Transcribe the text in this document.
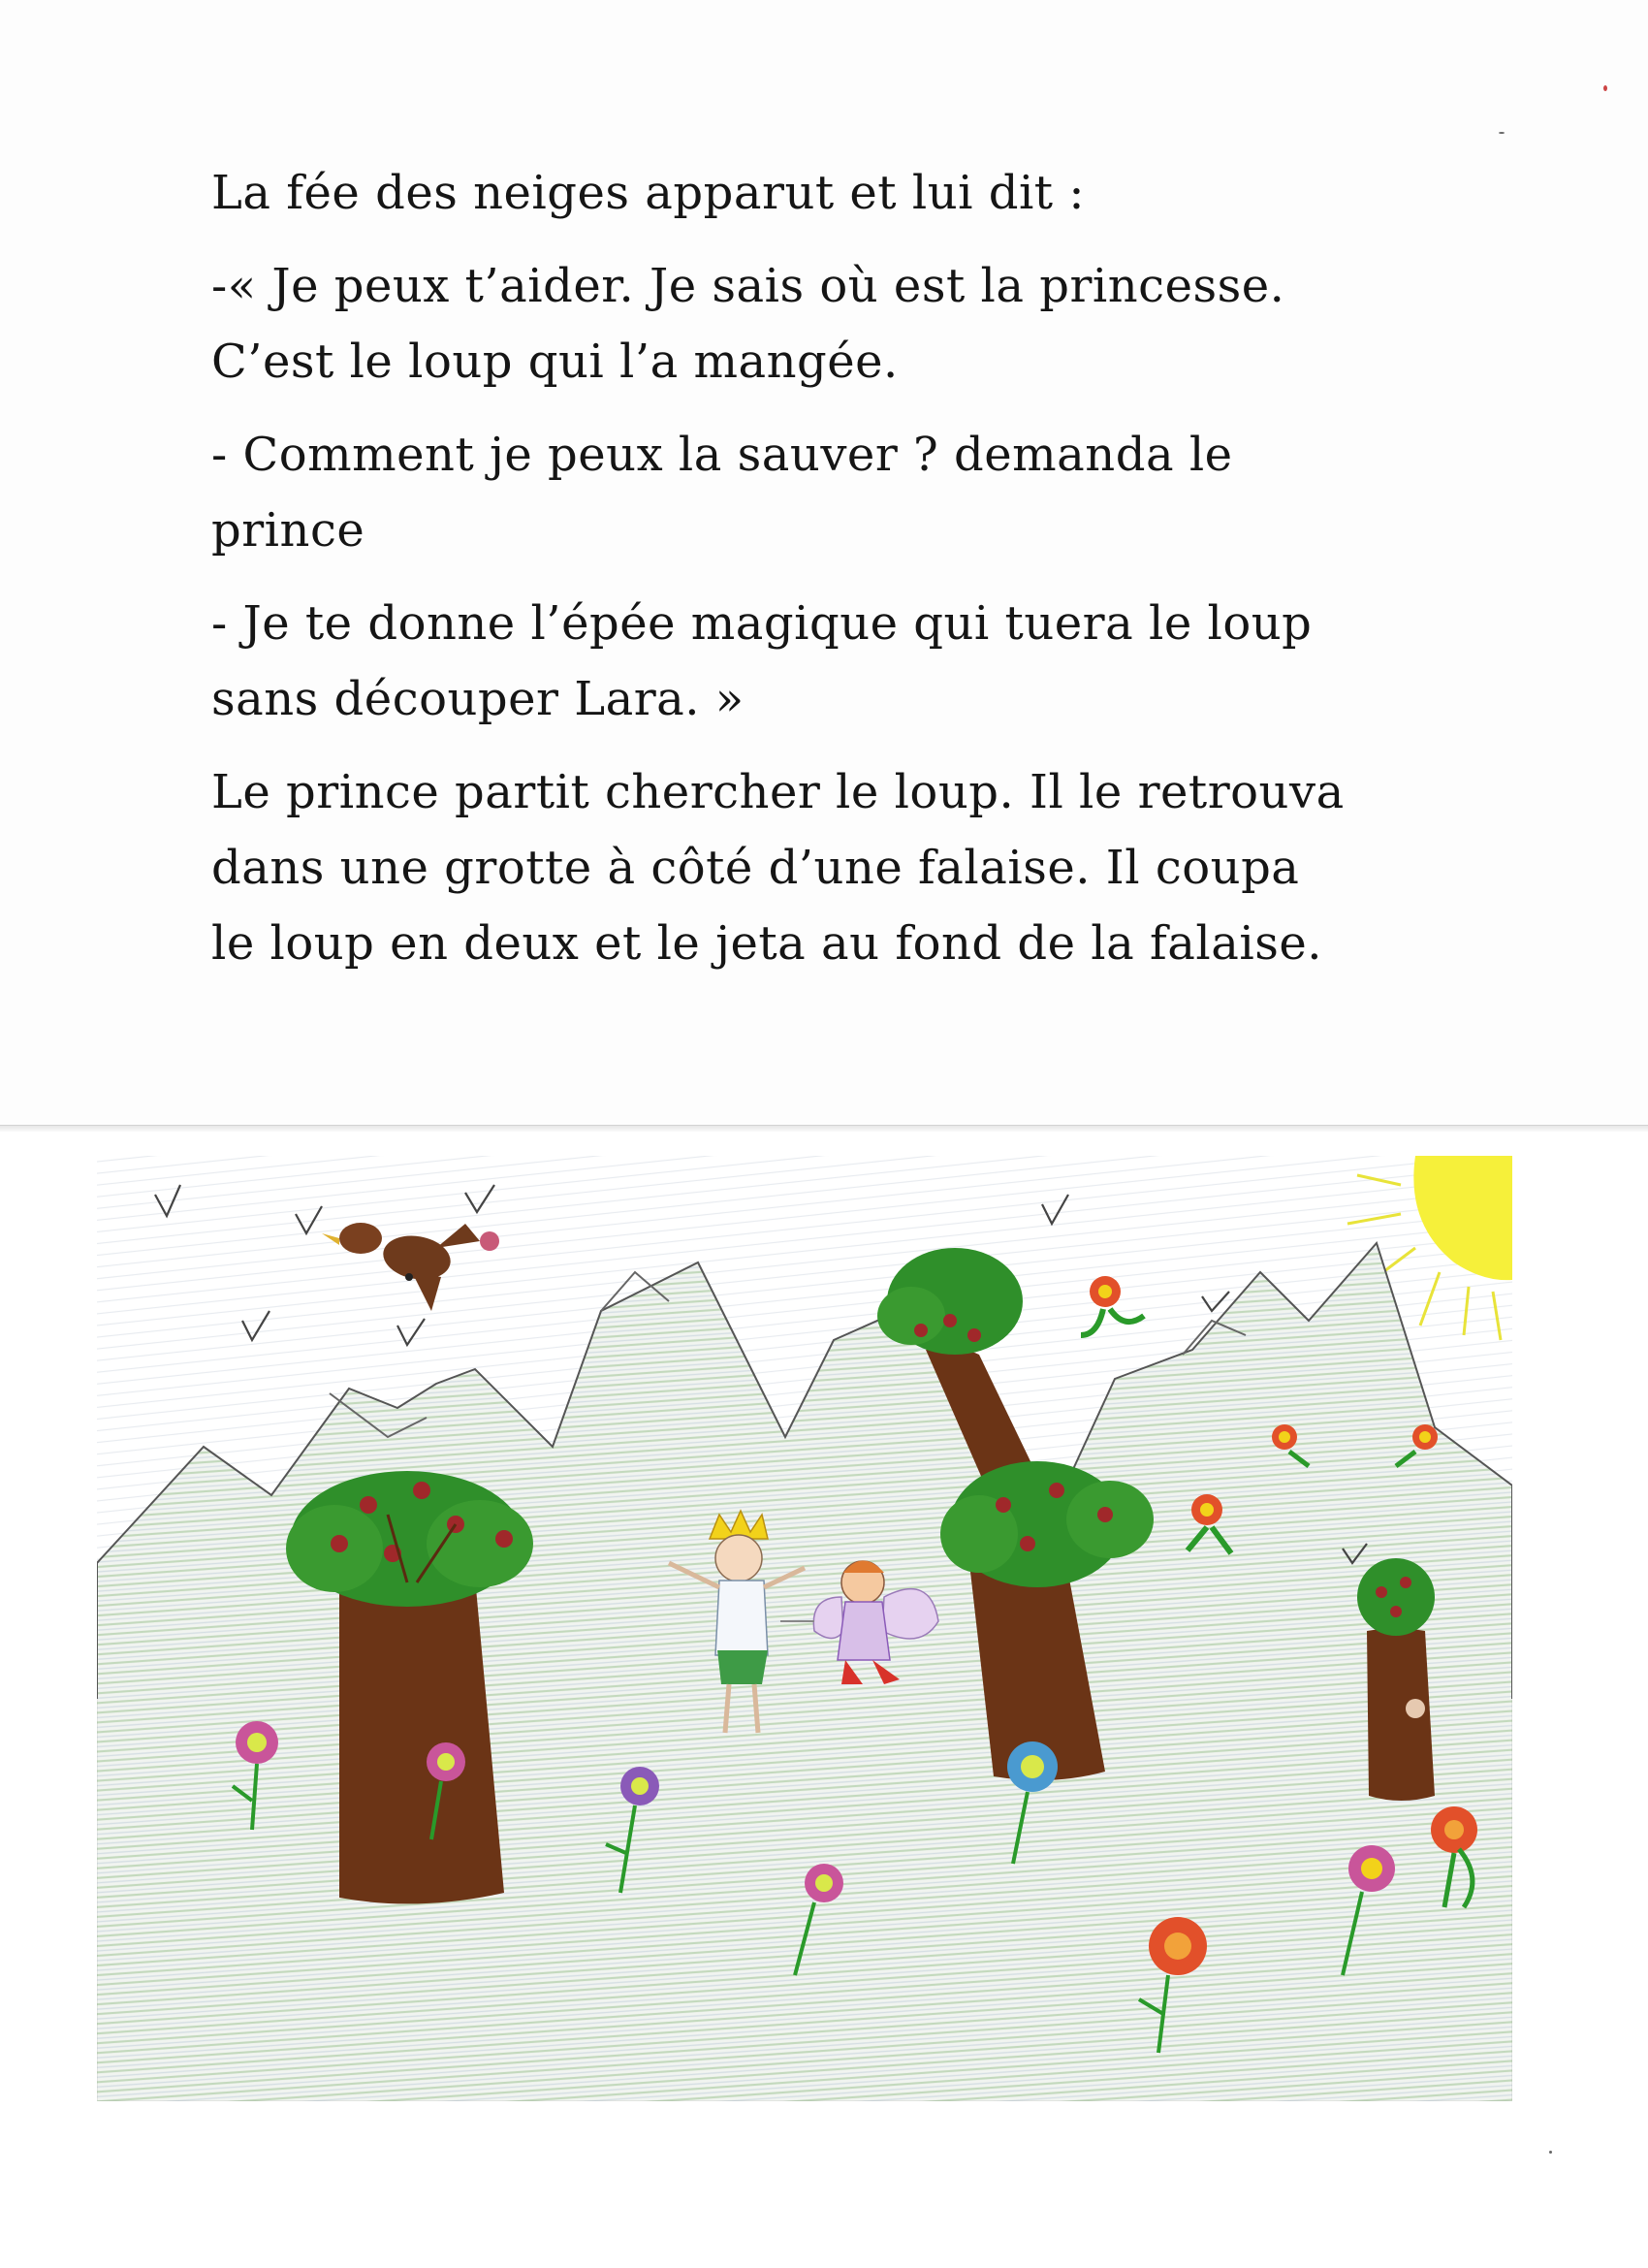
La fée des neiges apparut et lui dit :

-« Je peux t’aider. Je sais où est la princesse.
C’est le loup qui l’a mangée.

- Comment je peux la sauver ? demanda le
prince

- Je te donne l’épée magique qui tuera le loup
sans découper Lara. »

Le prince partit chercher le loup. Il le retrouva
dans une grotte à côté d’une falaise. Il coupa
le loup en deux et le jeta au fond de la falaise.
